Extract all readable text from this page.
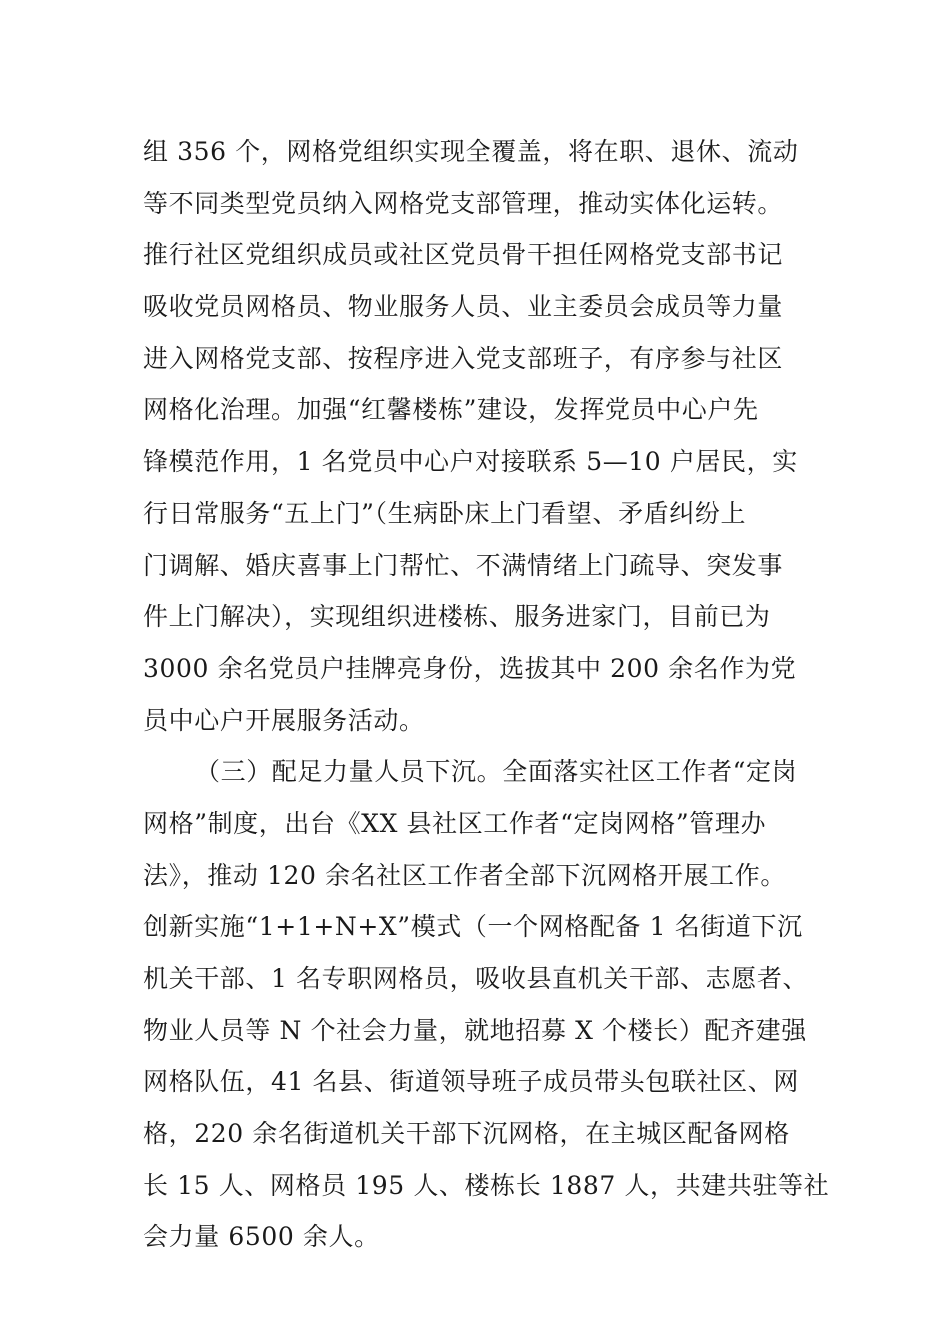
组 356 个，网格党组织实现全覆盖，将在职、退休、流动
等不同类型党员纳入网格党支部管理，推动实体化运转。
推行社区党组织成员或社区党员骨干担任网格党支部书记
吸收党员网格员、物业服务人员、业主委员会成员等力量
进入网格党支部、按程序进入党支部班子，有序参与社区
网格化治理。加强“红馨楼栋”建设，发挥党员中心户先
锋模范作用，1 名党员中心户对接联系 5—10 户居民，实
行日常服务“五上门”（生病卧床上门看望、矛盾纠纷上
门调解、婚庆喜事上门帮忙、不满情绪上门疏导、突发事
件上门解决），实现组织进楼栋、服务进家门，目前已为
3000 余名党员户挂牌亮身份，选拔其中 200 余名作为党
员中心户开展服务活动。
（三）配足力量人员下沉。全面落实社区工作者“定岗
网格”制度，出台《XX 县社区工作者“定岗网格”管理办
法》，推动 120 余名社区工作者全部下沉网格开展工作。
创新实施“1+1+N+X”模式（一个网格配备 1 名街道下沉
机关干部、1 名专职网格员，吸收县直机关干部、志愿者、
物业人员等 N 个社会力量，就地招募 X 个楼长）配齐建强
网格队伍，41 名县、街道领导班子成员带头包联社区、网
格，220 余名街道机关干部下沉网格，在主城区配备网格
长 15 人、网格员 195 人、楼栋长 1887 人，共建共驻等社
会力量 6500 余人。
